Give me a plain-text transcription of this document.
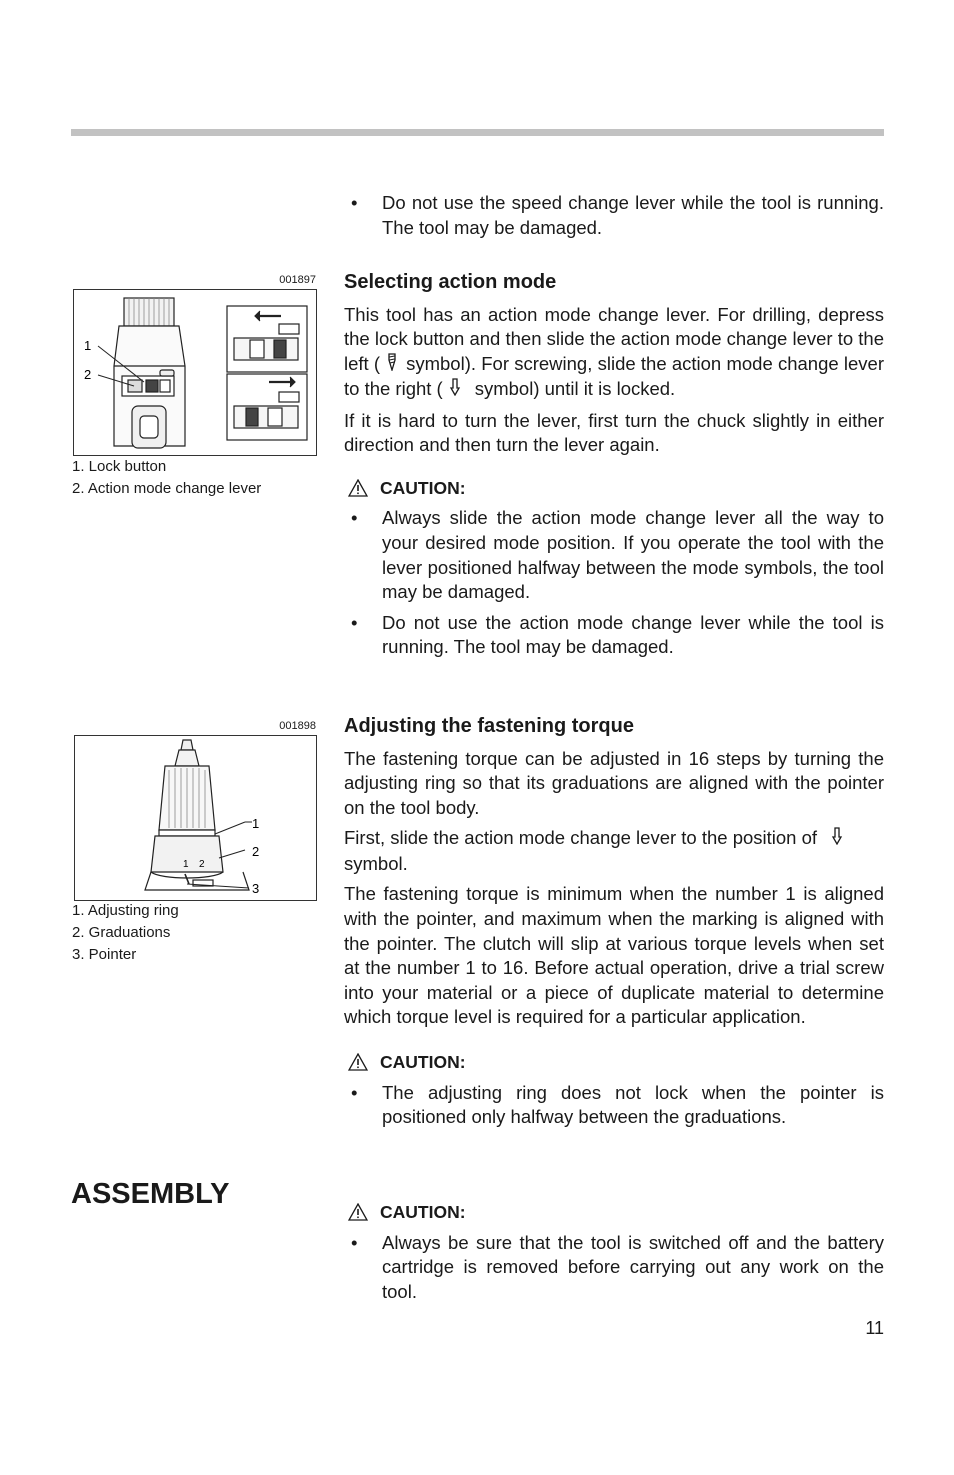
• Do not use the speed change lever while the tool is running. The tool may be damaged.

Selecting action mode

This tool has an action mode change lever. For drilling, depress the lock button and then slide the action mode change lever to the left ( symbol). For screwing, slide the action mode change lever to the right ( symbol) until it is locked.

If it is hard to turn the lever, first turn the chuck slightly in either direction and then turn the lever again.

CAUTION:

• Always slide the action mode change lever all the way to your desired mode position. If you operate the tool with the lever positioned halfway between the mode symbols, the tool may be damaged.

• Do not use the action mode change lever while the tool is running. The tool may be damaged.

Adjusting the fastening torque

The fastening torque can be adjusted in 16 steps by turning the adjusting ring so that its graduations are aligned with the pointer on the tool body.

First, slide the action mode change lever to the position of
symbol.

The fastening torque is minimum when the number 1 is aligned with the pointer, and maximum when the marking is aligned with the pointer. The clutch will slip at various torque levels when set at the number 1 to 16. Before actual operation, drive a trial screw into your material or a piece of duplicate material to determine which torque level is required for a particular application.

CAUTION:

• The adjusting ring does not lock when the pointer is positioned only halfway between the graduations.

CAUTION:

• Always be sure that the tool is switched off and the battery cartridge is removed before carrying out any work on the tool.

ASSEMBLY
001897
1
2
1. Lock button
2. Action mode change lever
001898
1 2
1
2
3
1. Adjusting ring
2. Graduations
3. Pointer
11
